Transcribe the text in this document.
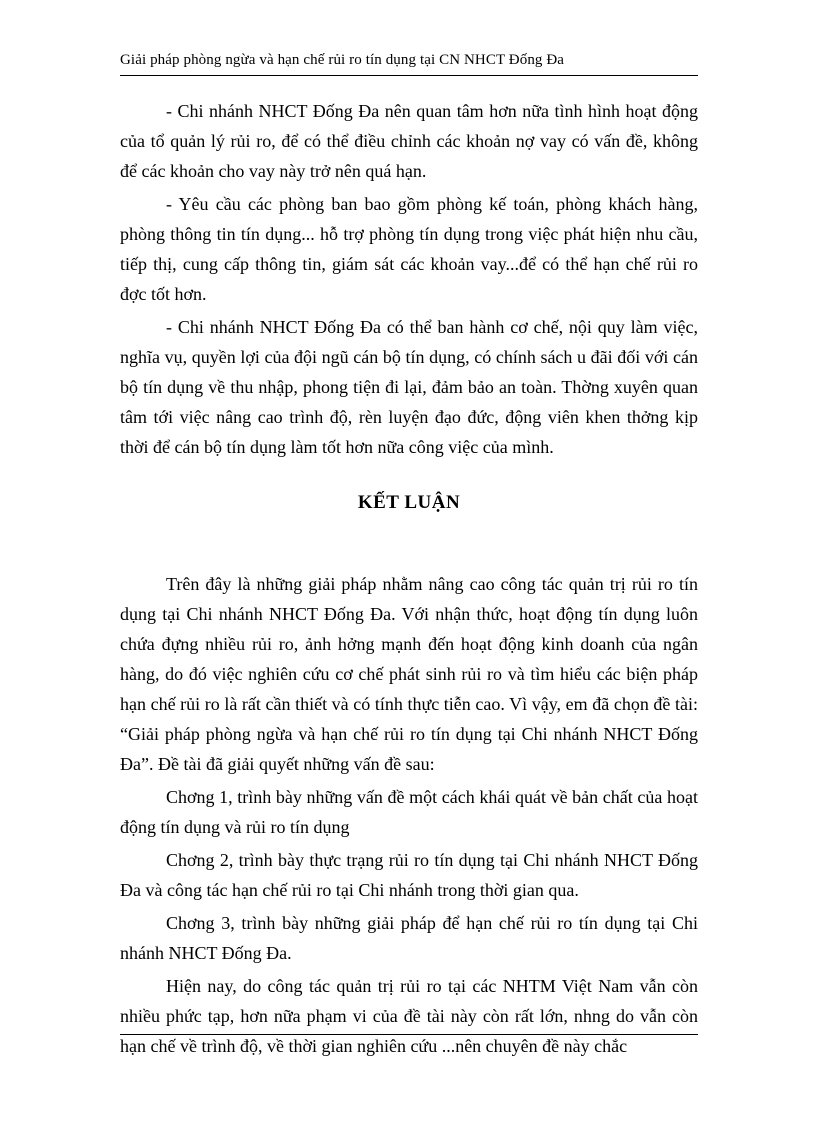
Giải pháp phòng ngừa và hạn chế rủi ro tín dụng tại CN NHCT Đống Đa

- Chi nhánh NHCT Đống Đa nên quan tâm hơn nữa tình hình hoạt động của tổ quản lý rủi ro, để có thể điều chỉnh các khoản nợ vay có vấn đề, không để các khoản cho vay này trở nên quá hạn.

- Yêu cầu các phòng ban bao gồm phòng kế toán, phòng khách hàng, phòng thông tin tín dụng... hỗ trợ phòng tín dụng trong việc phát hiện nhu cầu, tiếp thị, cung cấp thông tin, giám sát các khoản vay...để có thể hạn chế rủi ro đợc tốt hơn.

- Chi nhánh NHCT Đống Đa có thể ban hành cơ chế, nội quy làm việc, nghĩa vụ, quyền lợi của đội ngũ cán bộ tín dụng, có chính sách u đãi đối với cán bộ tín dụng về thu nhập, phong tiện đi lại, đảm bảo an toàn. Thờng xuyên quan tâm tới việc nâng cao trình độ, rèn luyện đạo đức, động viên khen thởng kịp thời để cán bộ tín dụng làm tốt hơn nữa công việc của mình.

KẾT LUẬN

Trên đây là những giải pháp nhằm nâng cao công tác quản trị rủi ro tín dụng tại Chi nhánh NHCT Đống Đa. Với nhận thức, hoạt động tín dụng luôn chứa đựng nhiều rủi ro, ảnh hởng mạnh đến hoạt động kinh doanh của ngân hàng, do đó việc nghiên cứu cơ chế phát sinh rủi ro và tìm hiểu các biện pháp hạn chế rủi ro là rất cần thiết và có tính thực tiễn cao. Vì vậy, em đã chọn đề tài: “Giải pháp phòng ngừa và hạn chế rủi ro tín dụng tại Chi nhánh NHCT Đống Đa”. Đề tài đã giải quyết những vấn đề sau:

Chơng 1, trình bày những vấn đề một cách khái quát về bản chất của hoạt động tín dụng và rủi ro tín dụng

Chơng 2, trình bày thực trạng rủi ro tín dụng tại Chi nhánh NHCT Đống Đa và công tác hạn chế rủi ro tại Chi nhánh trong thời gian qua.

Chơng 3, trình bày những giải pháp để hạn chế rủi ro tín dụng tại Chi nhánh NHCT Đống Đa.

Hiện nay, do công tác quản trị rủi ro tại các NHTM Việt Nam vẫn còn nhiều phức tạp, hơn nữa phạm vi của đề tài này còn rất lớn, nhng do vẫn còn hạn chế về trình độ, về thời gian nghiên cứu ...nên chuyên đề này chắc
